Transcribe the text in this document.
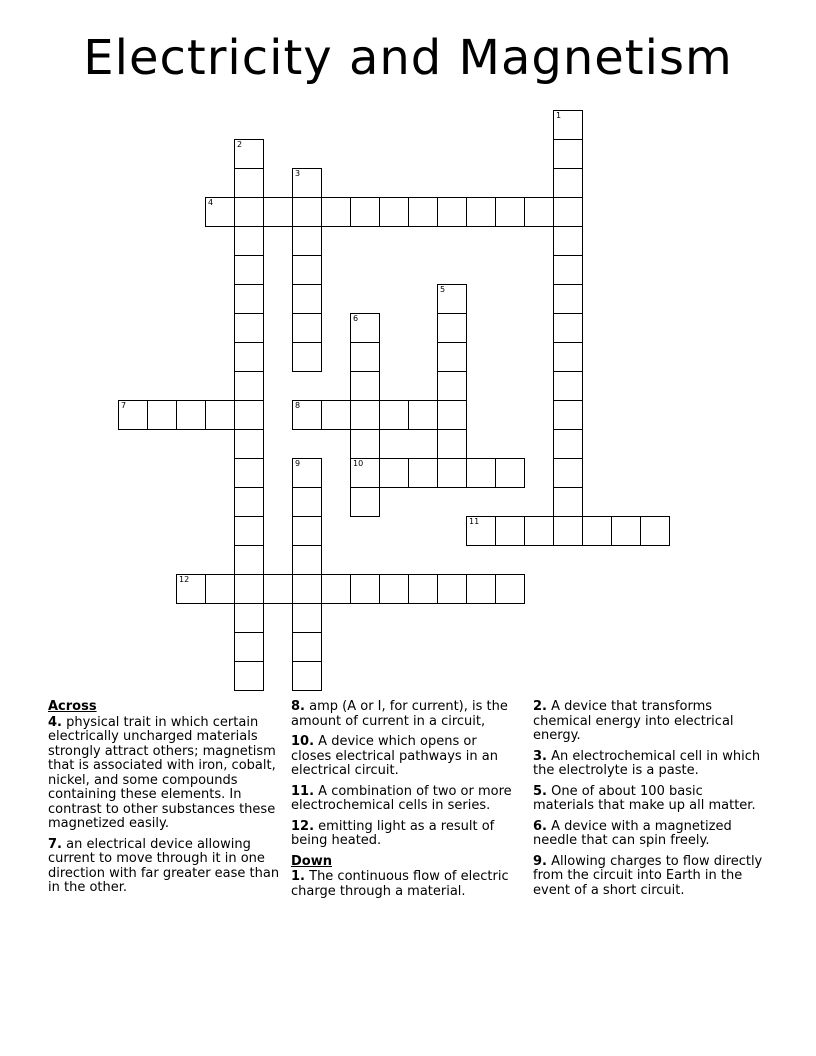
Electricity and Magnetism
4
7	8
10
11
12
1
2
3
5
6
9
Across
4. physical trait in which certain electrically uncharged materials strongly attract others; magnetism that is associated with iron, cobalt, nickel, and some compounds containing these elements. In contrast to other substances these magnetized easily.
7. an electrical device allowing current to move through it in one direction with far greater ease than in the other.
8. amp (A or I, for current), is the amount of current in a circuit,
10. A device which opens or closes electrical pathways in an electrical circuit.
11. A combination of two or more electrochemical cells in series.
12. emitting light as a result of being heated.
Down
1. The continuous flow of electric charge through a material.
2. A device that transforms chemical energy into electrical energy.
3. An electrochemical cell in which the electrolyte is a paste.
5. One of about 100 basic materials that make up all matter.
6. A device with a magnetized needle that can spin freely.
9. Allowing charges to flow directly from the circuit into Earth in the event of a short circuit.
